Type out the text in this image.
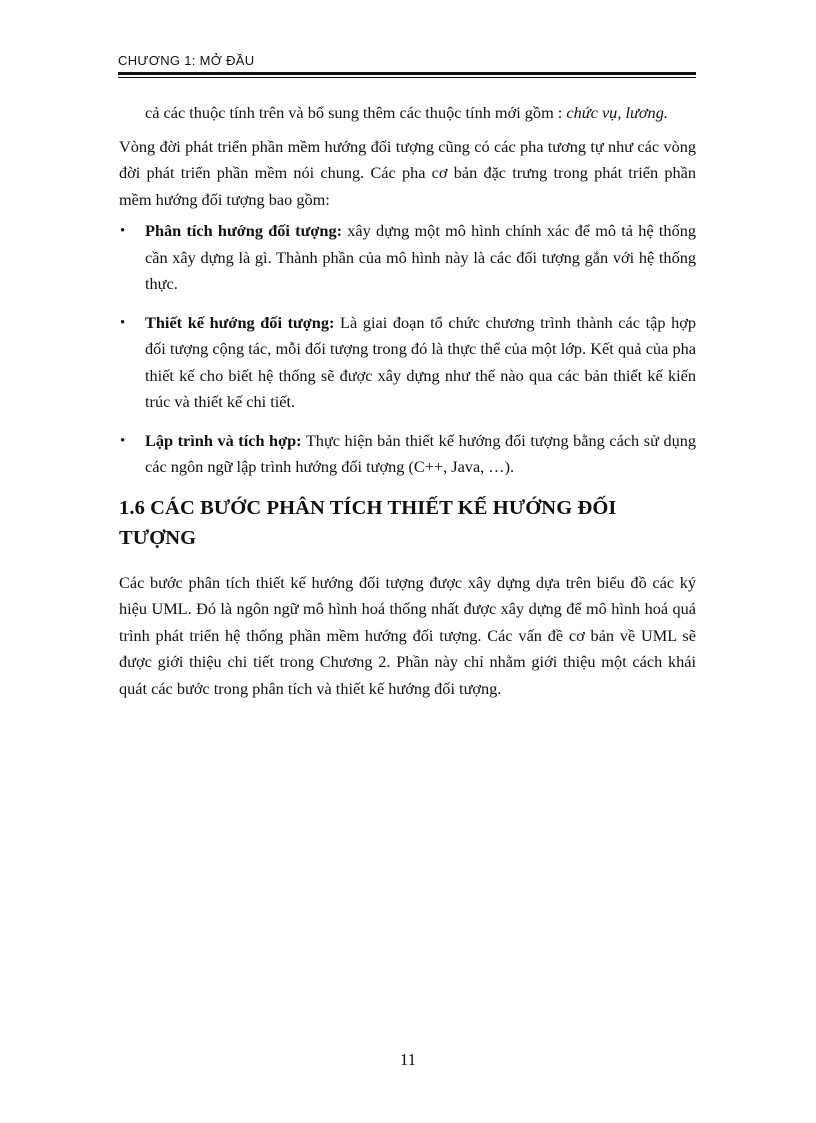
CHƯƠNG 1: MỞ ĐẦU

cả các thuộc tính trên và bổ sung thêm các thuộc tính mới gồm : chức vụ, lương.

Vòng đời phát triển phần mềm hướng đối tượng cũng có các pha tương tự như các vòng đời phát triển phần mềm nói chung. Các pha cơ bản đặc trưng trong phát triển phần mềm hướng đối tượng bao gồm:

• Phân tích hướng đối tượng: xây dựng một mô hình chính xác để mô tả hệ thống cần xây dựng là gì. Thành phần của mô hình này là các đối tượng gắn với hệ thống thực.
• Thiết kế hướng đối tượng: Là giai đoạn tổ chức chương trình thành các tập hợp đối tượng cộng tác, mỗi đối tượng trong đó là thực thể của một lớp. Kết quả của pha thiết kế cho biết hệ thống sẽ được xây dựng như thế nào qua các bản thiết kế kiến trúc và thiết kế chi tiết.
• Lập trình và tích hợp: Thực hiện bản thiết kế hướng đối tượng bằng cách sử dụng các ngôn ngữ lập trình hướng đối tượng (C++, Java, …).
1.6 CÁC BƯỚC PHÂN TÍCH THIẾT KẾ HƯỚNG ĐỐI TƯỢNG

Các bước phân tích thiết kế hướng đối tượng được xây dựng dựa trên biểu đồ các ký hiệu UML. Đó là ngôn ngữ mô hình hoá thống nhất được xây dựng để mô hình hoá quá trình phát triển hệ thống phần mềm hướng đối tượng. Các vấn đề cơ bản về UML sẽ được giới thiệu chi tiết trong Chương 2. Phần này chỉ nhằm giới thiệu một cách khái quát các bước trong phân tích và thiết kế hướng đối tượng.

11
